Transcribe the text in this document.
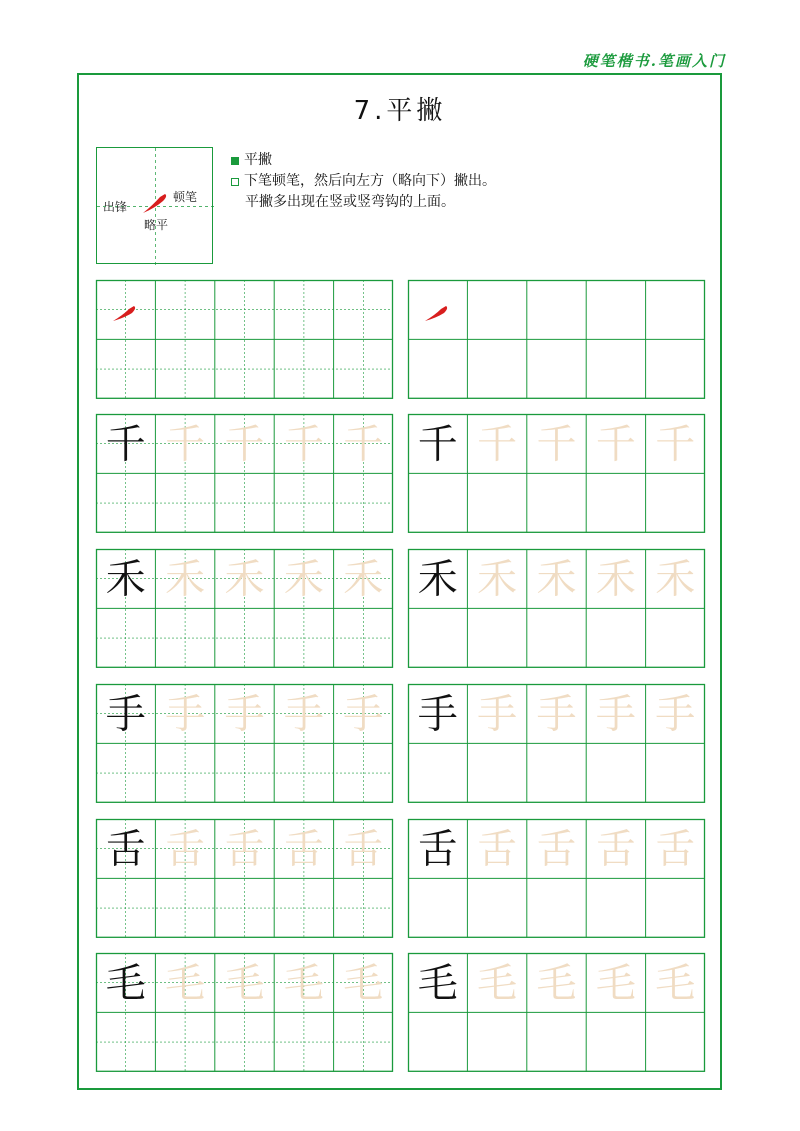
硬笔楷书.笔画入门
7.平撇
出锋
顿笔
略平
平撇
下笔顿笔，然后向左方（略向下）撇出。
平撇多出现在竖或竖弯钩的上面。
千 千 千 千 千 千 千 千 千 千
禾 禾 禾 禾 禾 禾 禾 禾 禾 禾
手 手 手 手 手 手 手 手 手 手
舌 舌 舌 舌 舌 舌 舌 舌 舌 舌
毛 毛 毛 毛 毛 毛 毛 毛 毛 毛
